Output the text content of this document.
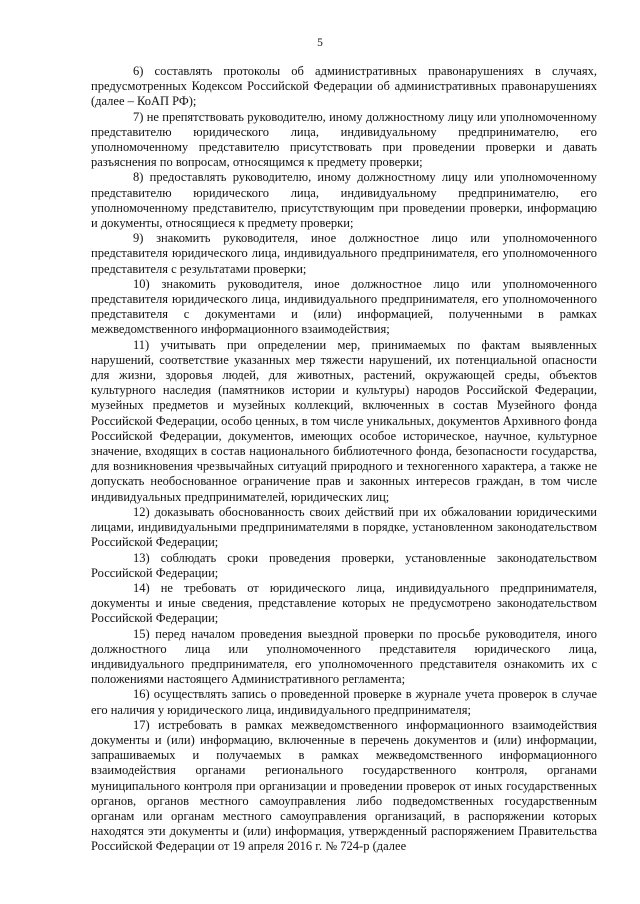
5

6) составлять протоколы об административных правонарушениях в случаях, предусмотренных Кодексом Российской Федерации об административных правонарушениях (далее – КоАП РФ);

7) не препятствовать руководителю, иному должностному лицу или уполномоченному представителю юридического лица, индивидуальному предпринимателю, его уполномоченному представителю присутствовать при проведении проверки и давать разъяснения по вопросам, относящимся к предмету проверки;

8) предоставлять руководителю, иному должностному лицу или уполномоченному представителю юридического лица, индивидуальному предпринимателю, его уполномоченному представителю, присутствующим при проведении проверки, информацию и документы, относящиеся к предмету проверки;

9) знакомить руководителя, иное должностное лицо или уполномоченного представителя юридического лица, индивидуального предпринимателя, его уполномоченного представителя с результатами проверки;

10) знакомить руководителя, иное должностное лицо или уполномоченного представителя юридического лица, индивидуального предпринимателя, его уполномоченного представителя с документами и (или) информацией, полученными в рамках межведомственного информационного взаимодействия;

11) учитывать при определении мер, принимаемых по фактам выявленных нарушений, соответствие указанных мер тяжести нарушений, их потенциальной опасности для жизни, здоровья людей, для животных, растений, окружающей среды, объектов культурного наследия (памятников истории и культуры) народов Российской Федерации, музейных предметов и музейных коллекций, включенных в состав Музейного фонда Российской Федерации, особо ценных, в том числе уникальных, документов Архивного фонда Российской Федерации, документов, имеющих особое историческое, научное, культурное значение, входящих в состав национального библиотечного фонда, безопасности государства, для возникновения чрезвычайных ситуаций природного и техногенного характера, а также не допускать необоснованное ограничение прав и законных интересов граждан, в том числе индивидуальных предпринимателей, юридических лиц;

12) доказывать обоснованность своих действий при их обжаловании юридическими лицами, индивидуальными предпринимателями в порядке, установленном законодательством Российской Федерации;

13) соблюдать сроки проведения проверки, установленные законодательством Российской Федерации;

14) не требовать от юридического лица, индивидуального предпринимателя, документы и иные сведения, представление которых не предусмотрено законодательством Российской Федерации;

15) перед началом проведения выездной проверки по просьбе руководителя, иного должностного лица или уполномоченного представителя юридического лица, индивидуального предпринимателя, его уполномоченного представителя ознакомить их с положениями настоящего Административного регламента;

16) осуществлять запись о проведенной проверке в журнале учета проверок в случае его наличия у юридического лица, индивидуального предпринимателя;

17) истребовать в рамках межведомственного информационного взаимодействия документы и (или) информацию, включенные в перечень документов и (или) информации, запрашиваемых и получаемых в рамках межведомственного информационного взаимодействия органами регионального государственного контроля, органами муниципального контроля при организации и проведении проверок от иных государственных органов, органов местного самоуправления либо подведомственных государственным органам или органам местного самоуправления организаций, в распоряжении которых находятся эти документы и (или) информация, утвержденный распоряжением Правительства Российской Федерации от 19 апреля 2016 г. № 724-р (далее
